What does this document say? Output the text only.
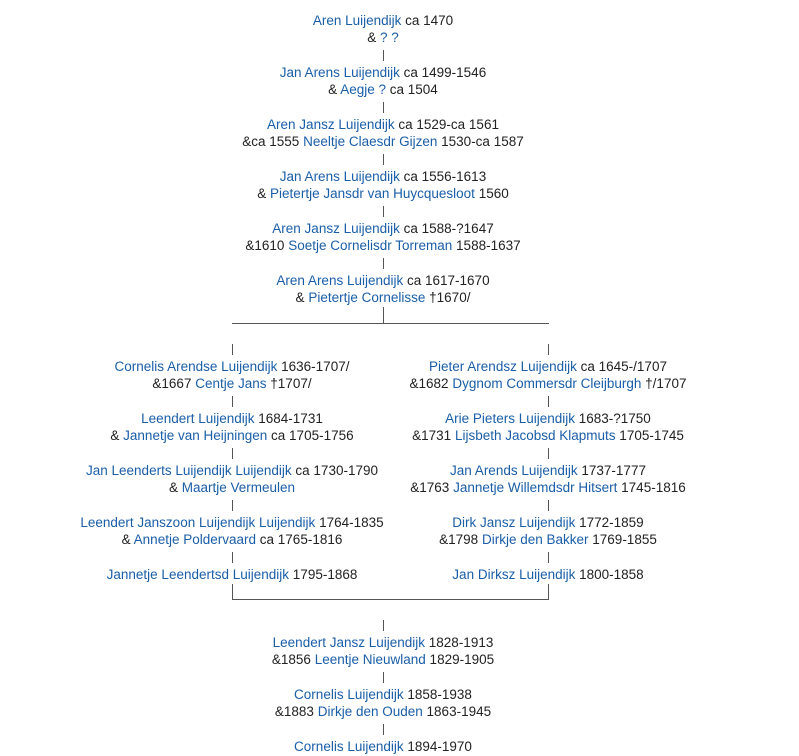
Aren Luijendijk ca 1470
& ? ?
Jan Arens Luijendijk ca 1499-1546
& Aegje ? ca 1504
Aren Jansz Luijendijk ca 1529-ca 1561
&ca 1555 Neeltje Claesdr Gijzen 1530-ca 1587
Jan Arens Luijendijk ca 1556-1613
& Pietertje Jansdr van Huycquesloot 1560
Aren Jansz Luijendijk ca 1588-?1647
&1610 Soetje Cornelisdr Torreman 1588-1637
Aren Arens Luijendijk ca 1617-1670
& Pietertje Cornelisse †1670/
Cornelis Arendse Luijendijk 1636-1707/
&1667 Centje Jans †1707/
Leendert Luijendijk 1684-1731
& Jannetje van Heijningen ca 1705-1756
Jan Leenderts Luijendijk Luijendijk ca 1730-1790
& Maartje Vermeulen
Leendert Janszoon Luijendijk Luijendijk 1764-1835
& Annetje Poldervaard ca 1765-1816
Jannetje Leendertsd Luijendijk 1795-1868
Pieter Arendsz Luijendijk ca 1645-/1707
&1682 Dygnom Commersdr Cleijburgh †/1707
Arie Pieters Luijendijk 1683-?1750
&1731 Lijsbeth Jacobsd Klapmuts 1705-1745
Jan Arends Luijendijk 1737-1777
&1763 Jannetje Willemdsdr Hitsert 1745-1816
Dirk Jansz Luijendijk 1772-1859
&1798 Dirkje den Bakker 1769-1855
Jan Dirksz Luijendijk 1800-1858
Leendert Jansz Luijendijk 1828-1913
&1856 Leentje Nieuwland 1829-1905
Cornelis Luijendijk 1858-1938
&1883 Dirkje den Ouden 1863-1945
Cornelis Luijendijk 1894-1970
